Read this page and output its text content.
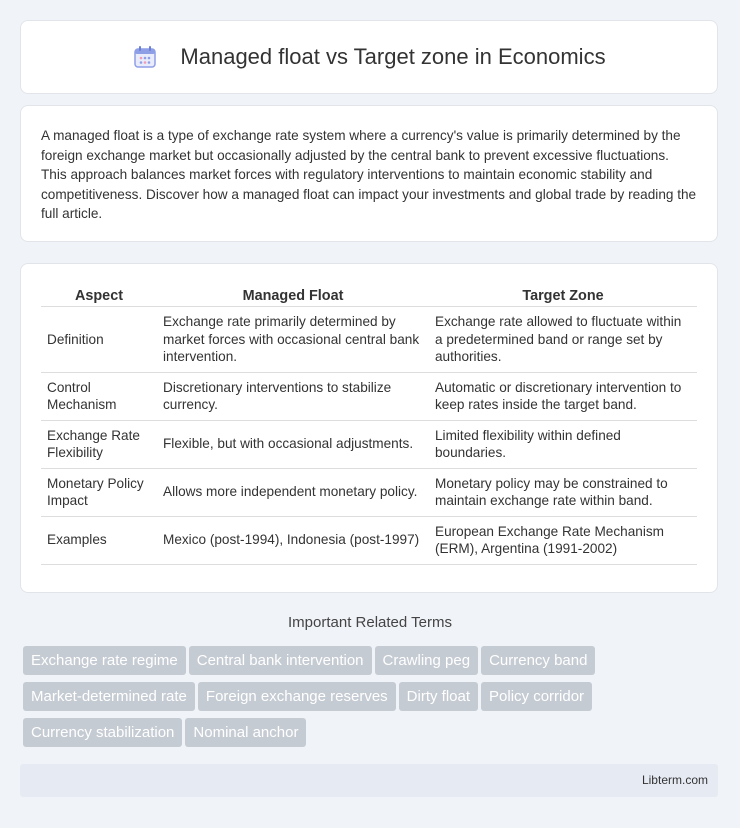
Managed float vs Target zone in Economics

A managed float is a type of exchange rate system where a currency's value is primarily determined by the foreign exchange market but occasionally adjusted by the central bank to prevent excessive fluctuations. This approach balances market forces with regulatory interventions to maintain economic stability and competitiveness. Discover how a managed float can impact your investments and global trade by reading the full article.

Aspect	Managed Float	Target Zone
Definition	Exchange rate primarily determined by market forces with occasional central bank intervention.	Exchange rate allowed to fluctuate within a predetermined band or range set by authorities.
Control Mechanism	Discretionary interventions to stabilize currency.	Automatic or discretionary intervention to keep rates inside the target band.
Exchange Rate Flexibility	Flexible, but with occasional adjustments.	Limited flexibility within defined boundaries.
Monetary Policy Impact	Allows more independent monetary policy.	Monetary policy may be constrained to maintain exchange rate within band.
Examples	Mexico (post-1994), Indonesia (post-1997)	European Exchange Rate Mechanism (ERM), Argentina (1991-2002)
Important Related Terms
Exchange rate regime Central bank intervention Crawling peg Currency bandMarket-determined rate Foreign exchange reserves Dirty float Policy corridorCurrency stabilization Nominal anchor
Libterm.com
